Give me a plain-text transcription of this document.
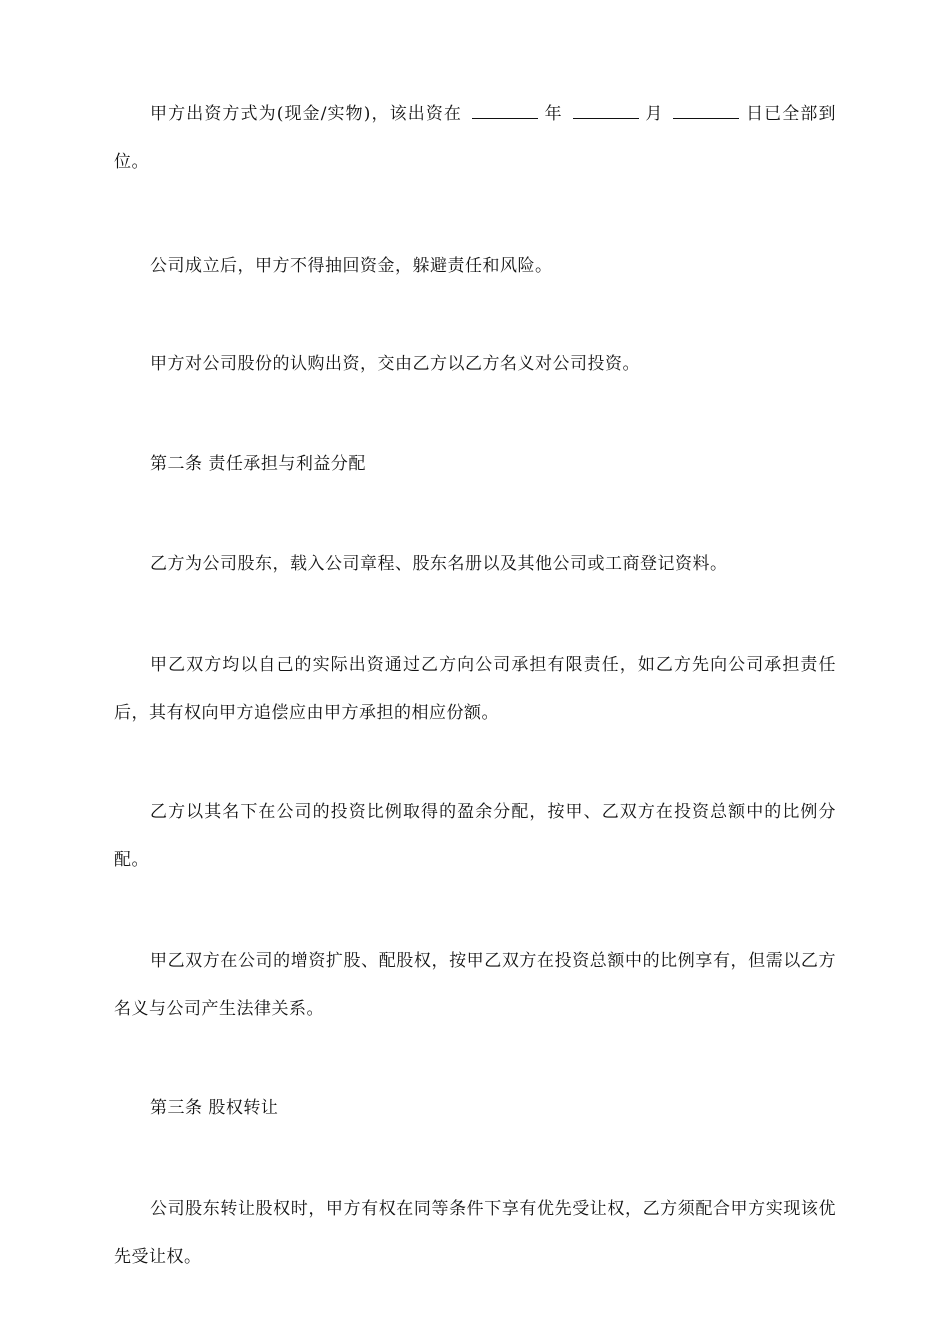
甲方出资方式为(现金/实物)，该出资在	年	月	日已全部到位。

公司成立后，甲方不得抽回资金，躲避责任和风险。

甲方对公司股份的认购出资，交由乙方以乙方名义对公司投资。

第二条 责任承担与利益分配

乙方为公司股东，载入公司章程、股东名册以及其他公司或工商登记资料。

甲乙双方均以自己的实际出资通过乙方向公司承担有限责任，如乙方先向公司承担责任后，其有权向甲方追偿应由甲方承担的相应份额。

乙方以其名下在公司的投资比例取得的盈余分配，按甲、乙双方在投资总额中的比例分配。

甲乙双方在公司的增资扩股、配股权，按甲乙双方在投资总额中的比例享有，但需以乙方名义与公司产生法律关系。

第三条 股权转让

公司股东转让股权时，甲方有权在同等条件下享有优先受让权，乙方须配合甲方实现该优先受让权。
